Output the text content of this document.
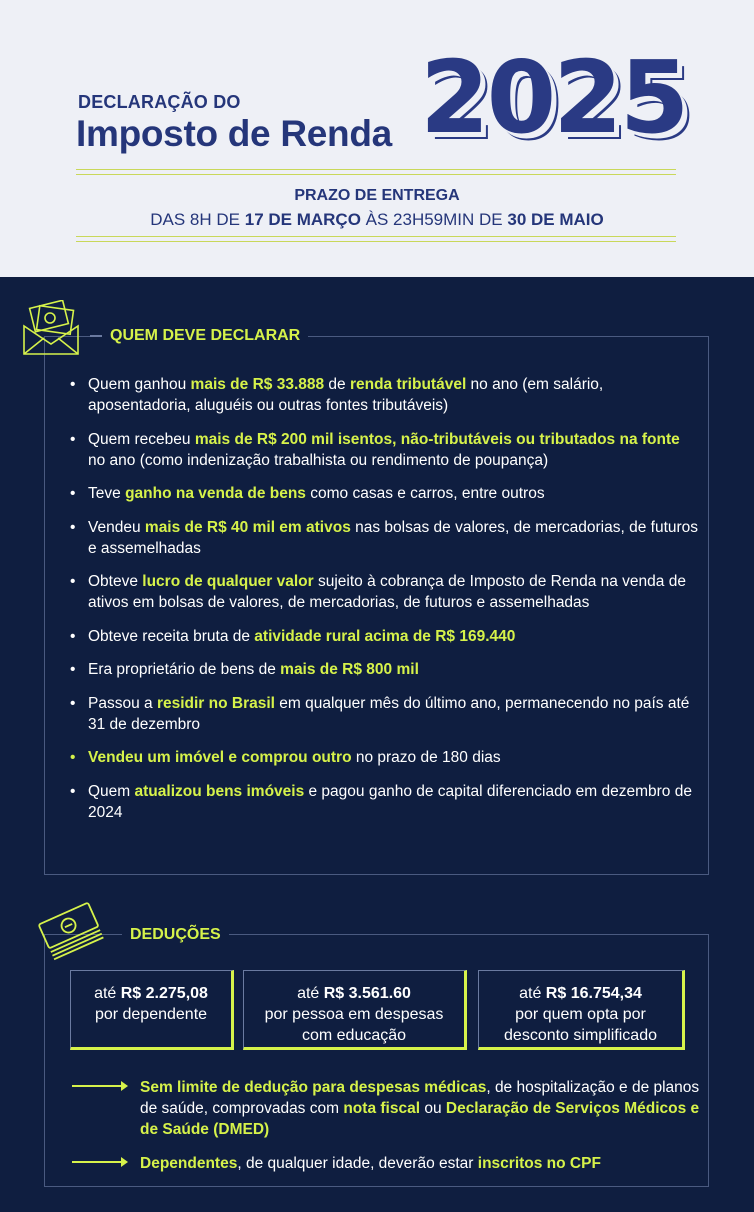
DECLARAÇÃO DO
Imposto de Renda 2025
PRAZO DE ENTREGA
DAS 8H DE 17 DE MARÇO ÀS 23H59MIN DE 30 DE MAIO
QUEM DEVE DECLARAR
• Quem ganhou mais de R$ 33.888 de renda tributável no ano (em salário, aposentadoria, aluguéis ou outras fontes tributáveis)
• Quem recebeu mais de R$ 200 mil isentos, não-tributáveis ou tributados na fonte no ano (como indenização trabalhista ou rendimento de poupança)
• Teve ganho na venda de bens como casas e carros, entre outros
• Vendeu mais de R$ 40 mil em ativos nas bolsas de valores, de mercadorias, de futuros e assemelhadas
• Obteve lucro de qualquer valor sujeito à cobrança de Imposto de Renda na venda de ativos em bolsas de valores, de mercadorias, de futuros e assemelhadas
• Obteve receita bruta de atividade rural acima de R$ 169.440
• Era proprietário de bens de mais de R$ 800 mil
• Passou a residir no Brasil em qualquer mês do último ano, permanecendo no país até 31 de dezembro
• Vendeu um imóvel e comprou outro no prazo de 180 dias
• Quem atualizou bens imóveis e pagou ganho de capital diferenciado em dezembro de 2024
DEDUÇÕES
até R$ 2.275,08
por dependente
até R$ 3.561.60
por pessoa em despesas com educação
até R$ 16.754,34
por quem opta por desconto simplificado
Sem limite de dedução para despesas médicas, de hospitalização e de planos de saúde, comprovadas com nota fiscal ou Declaração de Serviços Médicos e de Saúde (DMED)
Dependentes, de qualquer idade, deverão estar inscritos no CPF
